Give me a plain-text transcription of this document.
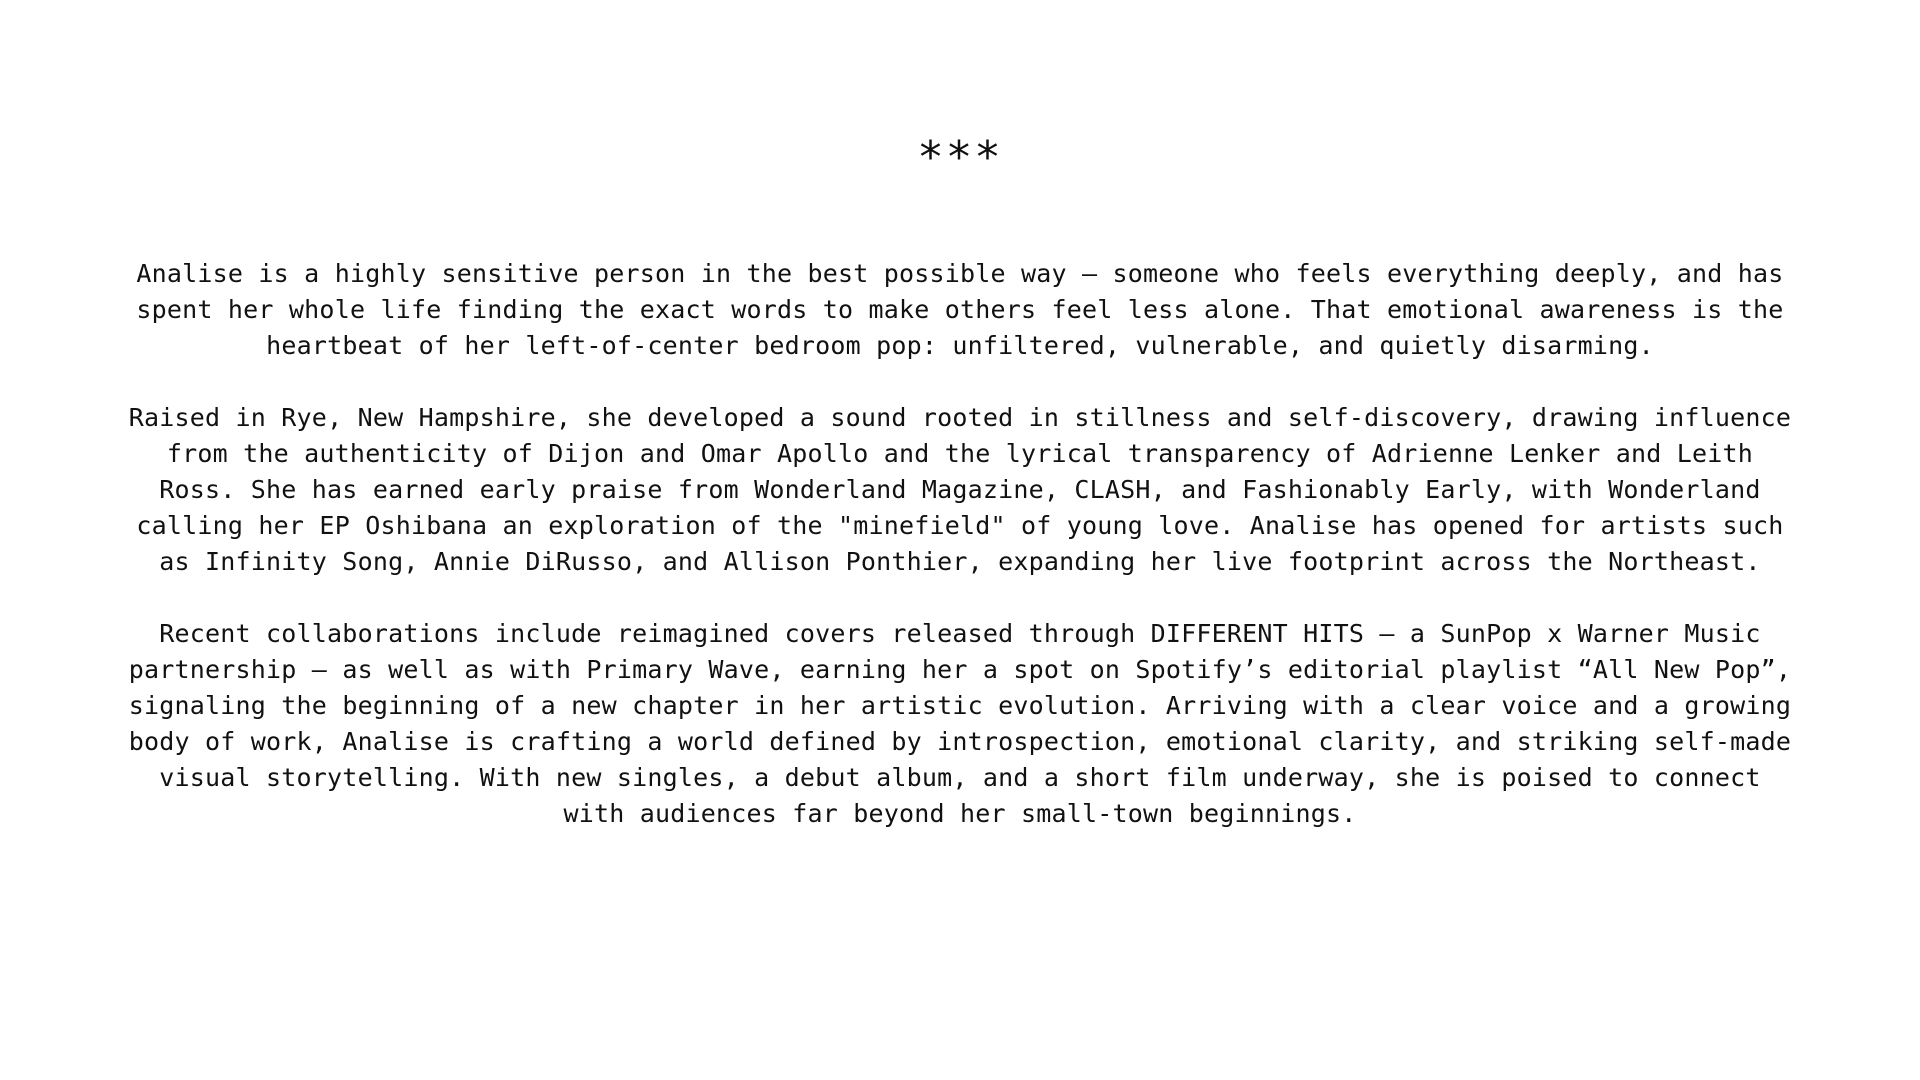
***

Analise is a highly sensitive person in the best possible way — someone who feels everything deeply, and has
spent her whole life finding the exact words to make others feel less alone. That emotional awareness is the
heartbeat of her left-of-center bedroom pop: unfiltered, vulnerable, and quietly disarming.

Raised in Rye, New Hampshire, she developed a sound rooted in stillness and self-discovery, drawing influence
from the authenticity of Dijon and Omar Apollo and the lyrical transparency of Adrienne Lenker and Leith
Ross. She has earned early praise from Wonderland Magazine, CLASH, and Fashionably Early, with Wonderland
calling her EP Oshibana an exploration of the "minefield" of young love. Analise has opened for artists such
as Infinity Song, Annie DiRusso, and Allison Ponthier, expanding her live footprint across the Northeast.

Recent collaborations include reimagined covers released through DIFFERENT HITS — a SunPop x Warner Music
partnership — as well as with Primary Wave, earning her a spot on Spotify’s editorial playlist “All New Pop”,
signaling the beginning of a new chapter in her artistic evolution. Arriving with a clear voice and a growing
body of work, Analise is crafting a world defined by introspection, emotional clarity, and striking self-made
visual storytelling. With new singles, a debut album, and a short film underway, she is poised to connect
with audiences far beyond her small-town beginnings.
